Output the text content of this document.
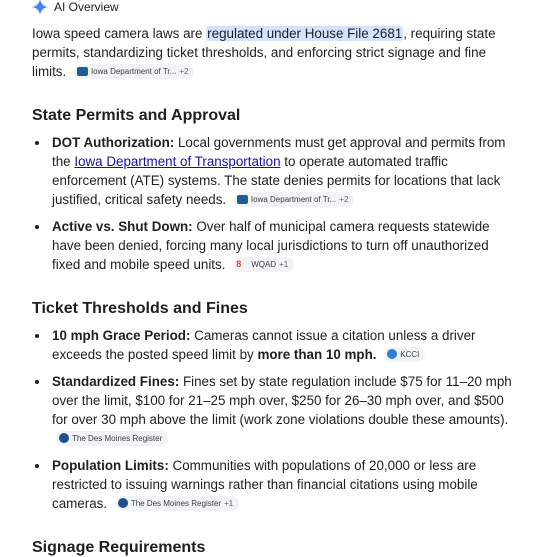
AI Overview

Iowa speed camera laws are regulated under House File 2681, requiring state permits, standardizing ticket thresholds, and enforcing strict signage and fine limits.	Iowa Department of Tr... +2

State Permits and Approval
• DOT Authorization: Local governments must get approval and permits from the Iowa Department of Transportation to operate automated traffic enforcement (ATE) systems. The state denies permits for locations that lack justified, critical safety needs.	Iowa Department of Tr... +2
• Active vs. Shut Down: Over half of municipal camera requests statewide have been denied, forcing many local jurisdictions to turn off unauthorized fixed and mobile speed units. 8	WQAD +1
Ticket Thresholds and Fines
• 10 mph Grace Period: Cameras cannot issue a citation unless a driver exceeds the posted speed limit by more than 10 mph.	KCCI
• Standardized Fines: Fines set by state regulation include $75 for 11–20 mph over the limit, $100 for 21–25 mph over, $250 for 26–30 mph over, and $500 for over 30 mph above the limit (work zone violations double these amounts).
The Des Moines Register
• Population Limits: Communities with populations of 20,000 or less are restricted to issuing warnings rather than financial citations using mobile cameras.	The Des Moines Register +1
Signage Requirements
